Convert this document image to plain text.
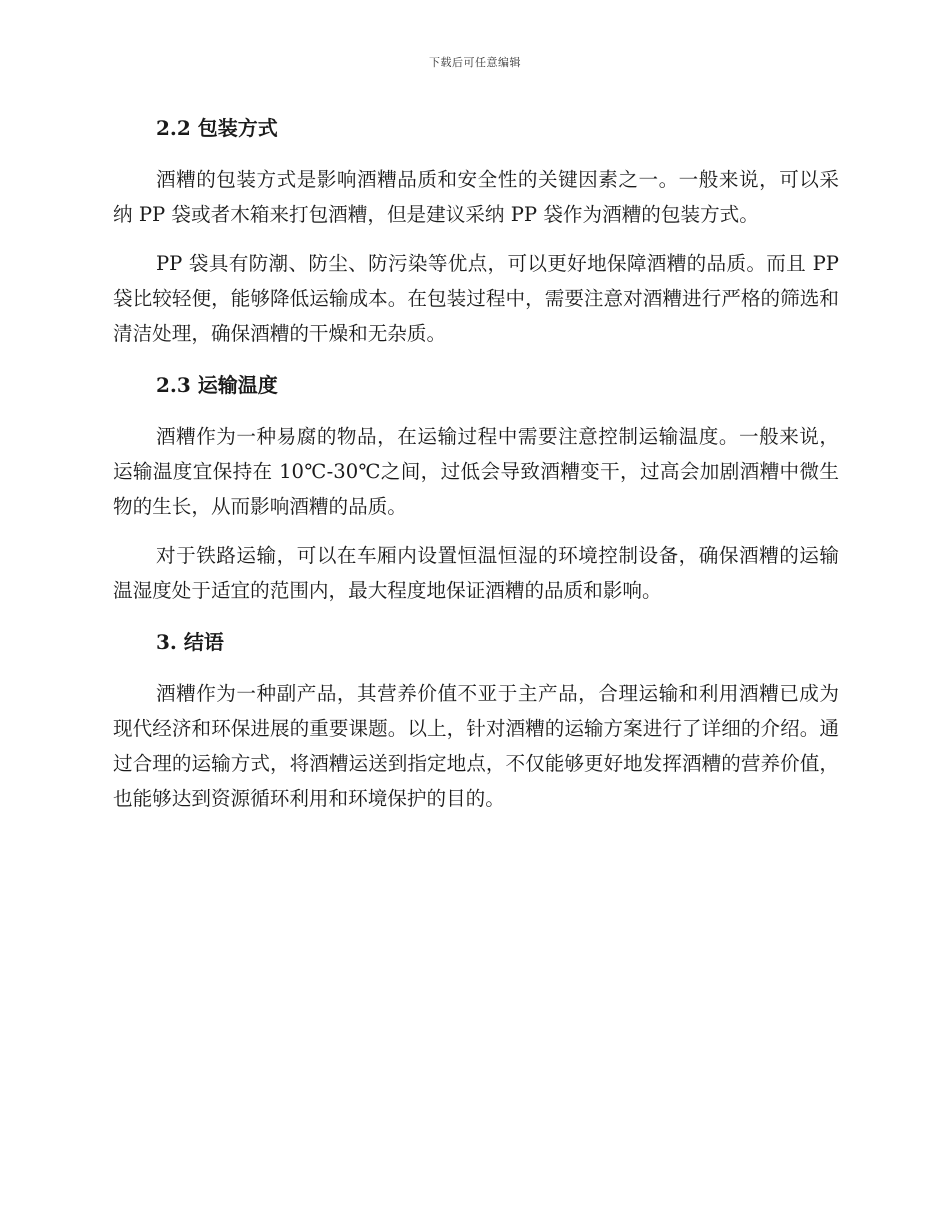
下载后可任意编辑
2.2 包装方式

酒糟的包装方式是影响酒糟品质和安全性的关键因素之一。一般来说，可以采纳 PP 袋或者木箱来打包酒糟，但是建议采纳 PP 袋作为酒糟的包装方式。

PP 袋具有防潮、防尘、防污染等优点，可以更好地保障酒糟的品质。而且 PP 袋比较轻便，能够降低运输成本。在包装过程中，需要注意对酒糟进行严格的筛选和清洁处理，确保酒糟的干燥和无杂质。

2.3 运输温度

酒糟作为一种易腐的物品，在运输过程中需要注意控制运输温度。一般来说，运输温度宜保持在 10℃-30℃之间，过低会导致酒糟变干，过高会加剧酒糟中微生物的生长，从而影响酒糟的品质。

对于铁路运输，可以在车厢内设置恒温恒湿的环境控制设备，确保酒糟的运输温湿度处于适宜的范围内，最大程度地保证酒糟的品质和影响。

3. 结语

酒糟作为一种副产品，其营养价值不亚于主产品，合理运输和利用酒糟已成为现代经济和环保进展的重要课题。以上，针对酒糟的运输方案进行了详细的介绍。通过合理的运输方式，将酒糟运送到指定地点，不仅能够更好地发挥酒糟的营养价值，也能够达到资源循环利用和环境保护的目的。
